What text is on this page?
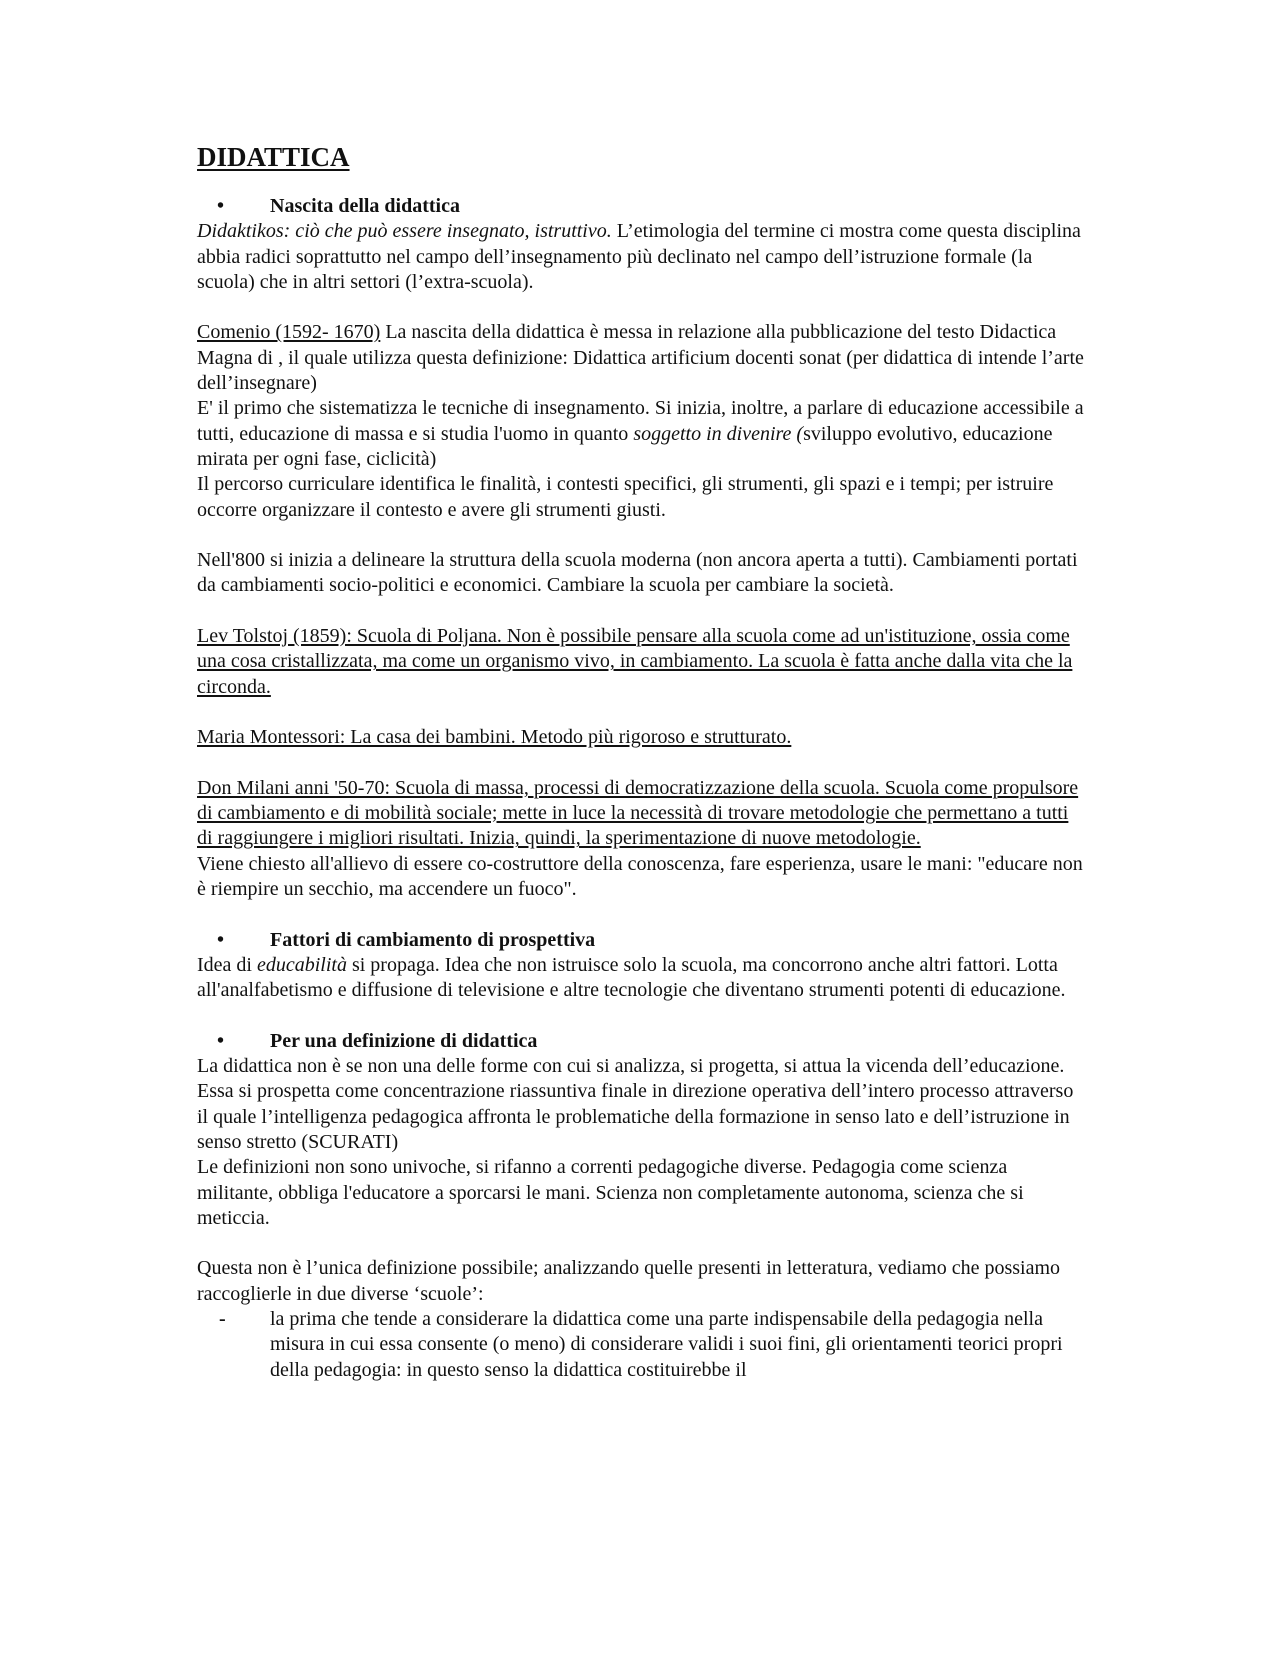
DIDATTICA
• Nascita della didattica

Didaktikos: ciò che può essere insegnato, istruttivo. L’etimologia del termine ci mostra come questa disciplina abbia radici soprattutto nel campo dell’insegnamento più declinato nel campo dell’istruzione formale (la scuola) che in altri settori (l’extra-scuola).

Comenio (1592- 1670) La nascita della didattica è messa in relazione alla pubblicazione del testo Didactica Magna di , il quale utilizza questa definizione: Didattica artificium docenti sonat (per didattica di intende l’arte dell’insegnare)

E' il primo che sistematizza le tecniche di insegnamento. Si inizia, inoltre, a parlare di educazione accessibile a tutti, educazione di massa e si studia l'uomo in quanto soggetto in divenire (sviluppo evolutivo, educazione mirata per ogni fase, ciclicità)

Il percorso curriculare identifica le finalità, i contesti specifici, gli strumenti, gli spazi e i tempi; per istruire occorre organizzare il contesto e avere gli strumenti giusti.

Nell'800 si inizia a delineare la struttura della scuola moderna (non ancora aperta a tutti). Cambiamenti portati da cambiamenti socio-politici e economici. Cambiare la scuola per cambiare la società.

Lev Tolstoj (1859): Scuola di Poljana. Non è possibile pensare alla scuola come ad un'istituzione, ossia come una cosa cristallizzata, ma come un organismo vivo, in cambiamento. La scuola è fatta anche dalla vita che la circonda.

Maria Montessori: La casa dei bambini. Metodo più rigoroso e strutturato.

Don Milani anni '50-70: Scuola di massa, processi di democratizzazione della scuola. Scuola come propulsore di cambiamento e di mobilità sociale; mette in luce la necessità di trovare metodologie che permettano a tutti di raggiungere i migliori risultati. Inizia, quindi, la sperimentazione di nuove metodologie.

Viene chiesto all'allievo di essere co-costruttore della conoscenza, fare esperienza, usare le mani: "educare non è riempire un secchio, ma accendere un fuoco".

• Fattori di cambiamento di prospettiva

Idea di educabilità si propaga. Idea che non istruisce solo la scuola, ma concorrono anche altri fattori. Lotta all'analfabetismo e diffusione di televisione e altre tecnologie che diventano strumenti potenti di educazione.

• Per una definizione di didattica

La didattica non è se non una delle forme con cui si analizza, si progetta, si attua la vicenda dell’educazione. Essa si prospetta come concentrazione riassuntiva finale in direzione operativa dell’intero processo attraverso il quale l’intelligenza pedagogica affronta le problematiche della formazione in senso lato e dell’istruzione in senso stretto (SCURATI)

Le definizioni non sono univoche, si rifanno a correnti pedagogiche diverse. Pedagogia come scienza militante, obbliga l'educatore a sporcarsi le mani. Scienza non completamente autonoma, scienza che si meticcia.

Questa non è l’unica definizione possibile; analizzando quelle presenti in letteratura, vediamo che possiamo raccoglierle in due diverse ‘scuole’:

- la prima che tende a considerare la didattica come una parte indispensabile della pedagogia nella misura in cui essa consente (o meno) di considerare validi i suoi fini, gli orientamenti teorici propri della pedagogia: in questo senso la didattica costituirebbe il
